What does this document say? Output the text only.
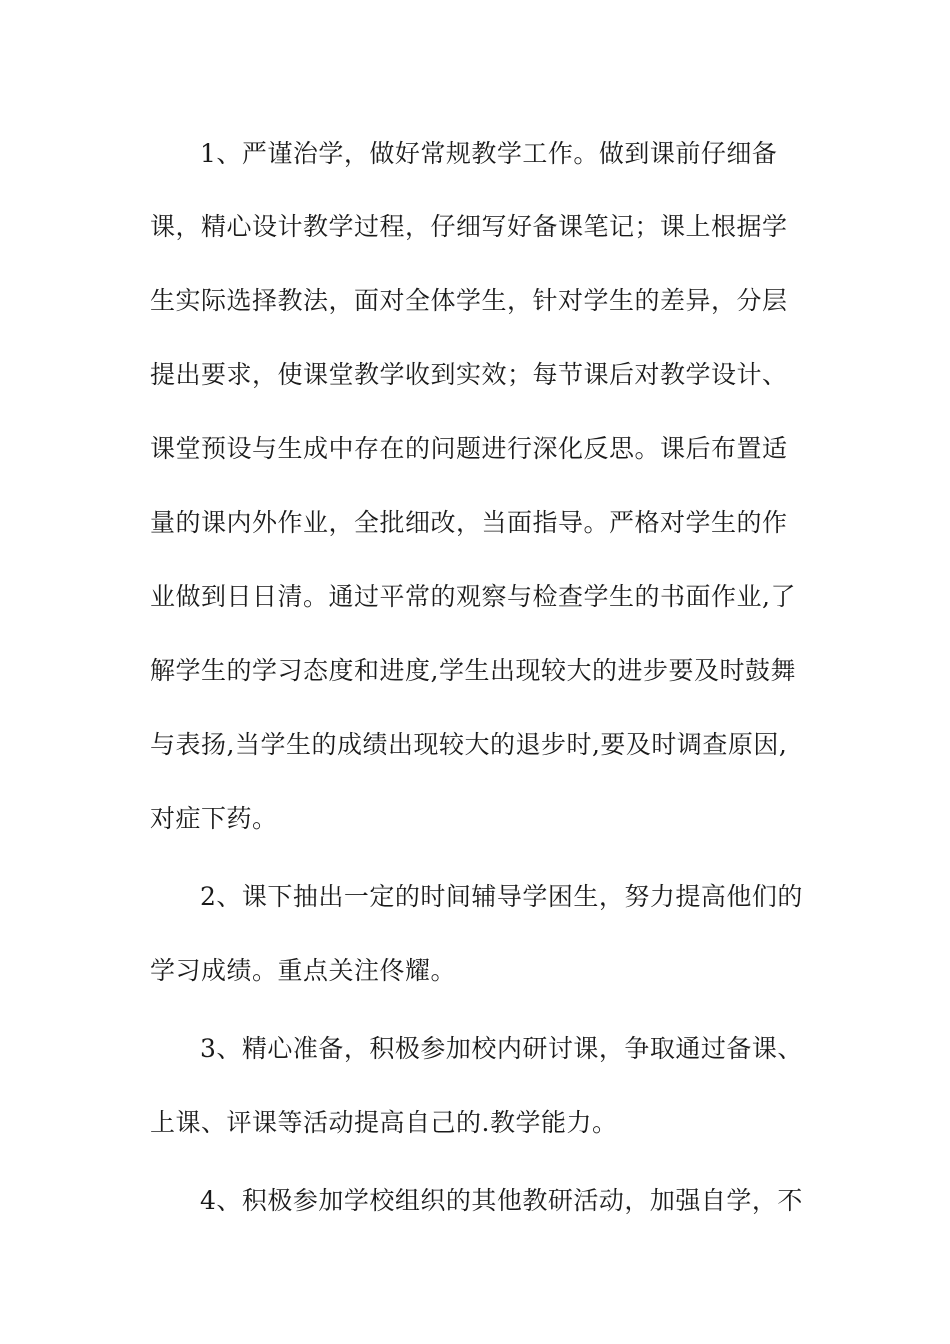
1、严谨治学，做好常规教学工作。做到课前仔细备
课，精心设计教学过程，仔细写好备课笔记；课上根据学
生实际选择教法，面对全体学生，针对学生的差异，分层
提出要求，使课堂教学收到实效；每节课后对教学设计、
课堂预设与生成中存在的问题进行深化反思。课后布置适
量的课内外作业，全批细改，当面指导。严格对学生的作
业做到日日清。通过平常的观察与检查学生的书面作业,了
解学生的学习态度和进度,学生出现较大的进步要及时鼓舞
与表扬,当学生的成绩出现较大的退步时,要及时调查原因,
对症下药。
2、课下抽出一定的时间辅导学困生，努力提高他们的
学习成绩。重点关注佟耀。
3、精心准备，积极参加校内研讨课，争取通过备课、
上课、评课等活动提高自己的.教学能力。
4、积极参加学校组织的其他教研活动，加强自学，不
